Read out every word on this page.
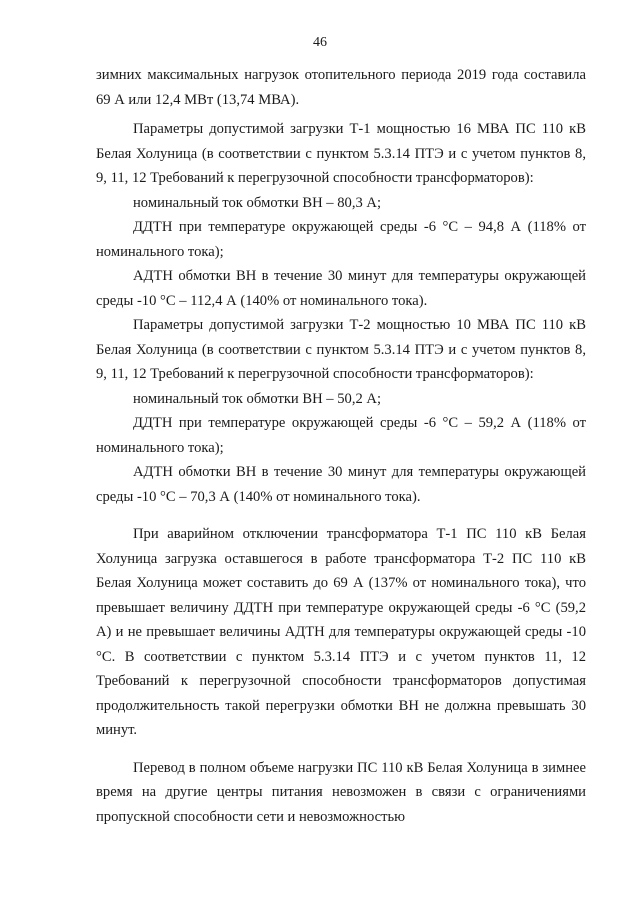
46

зимних максимальных нагрузок отопительного периода 2019 года составила 69 А или 12,4 МВт (13,74 МВА).

Параметры допустимой загрузки Т-1 мощностью 16 МВА ПС 110 кВ Белая Холуница (в соответствии с пунктом 5.3.14 ПТЭ и с учетом пунктов 8, 9, 11, 12 Требований к перегрузочной способности трансформаторов):

номинальный ток обмотки ВН – 80,3 А;

ДДТН при температуре окружающей среды -6 °С – 94,8 А (118% от номинального тока);

АДТН обмотки ВН в течение 30 минут для температуры окружающей среды -10 °С – 112,4 А (140% от номинального тока).

Параметры допустимой загрузки Т-2 мощностью 10 МВА ПС 110 кВ Белая Холуница (в соответствии с пунктом 5.3.14 ПТЭ и с учетом пунктов 8, 9, 11, 12 Требований к перегрузочной способности трансформаторов):

номинальный ток обмотки ВН – 50,2 А;

ДДТН при температуре окружающей среды -6 °С – 59,2 А (118% от номинального тока);

АДТН обмотки ВН в течение 30 минут для температуры окружающей среды -10 °С – 70,3 А (140% от номинального тока).

При аварийном отключении трансформатора Т-1 ПС 110 кВ Белая Холуница загрузка оставшегося в работе трансформатора Т-2 ПС 110 кВ Белая Холуница может составить до 69 А (137% от номинального тока), что превышает величину ДДТН при температуре окружающей среды -6 °С (59,2 А) и не превышает величины АДТН для температуры окружающей среды -10 °С. В соответствии с пунктом 5.3.14 ПТЭ и с учетом пунктов 11, 12 Требований к перегрузочной способности трансформаторов допустимая продолжительность такой перегрузки обмотки ВН не должна превышать 30 минут.

Перевод в полном объеме нагрузки ПС 110 кВ Белая Холуница в зимнее время на другие центры питания невозможен в связи с ограничениями пропускной способности сети и невозможностью
